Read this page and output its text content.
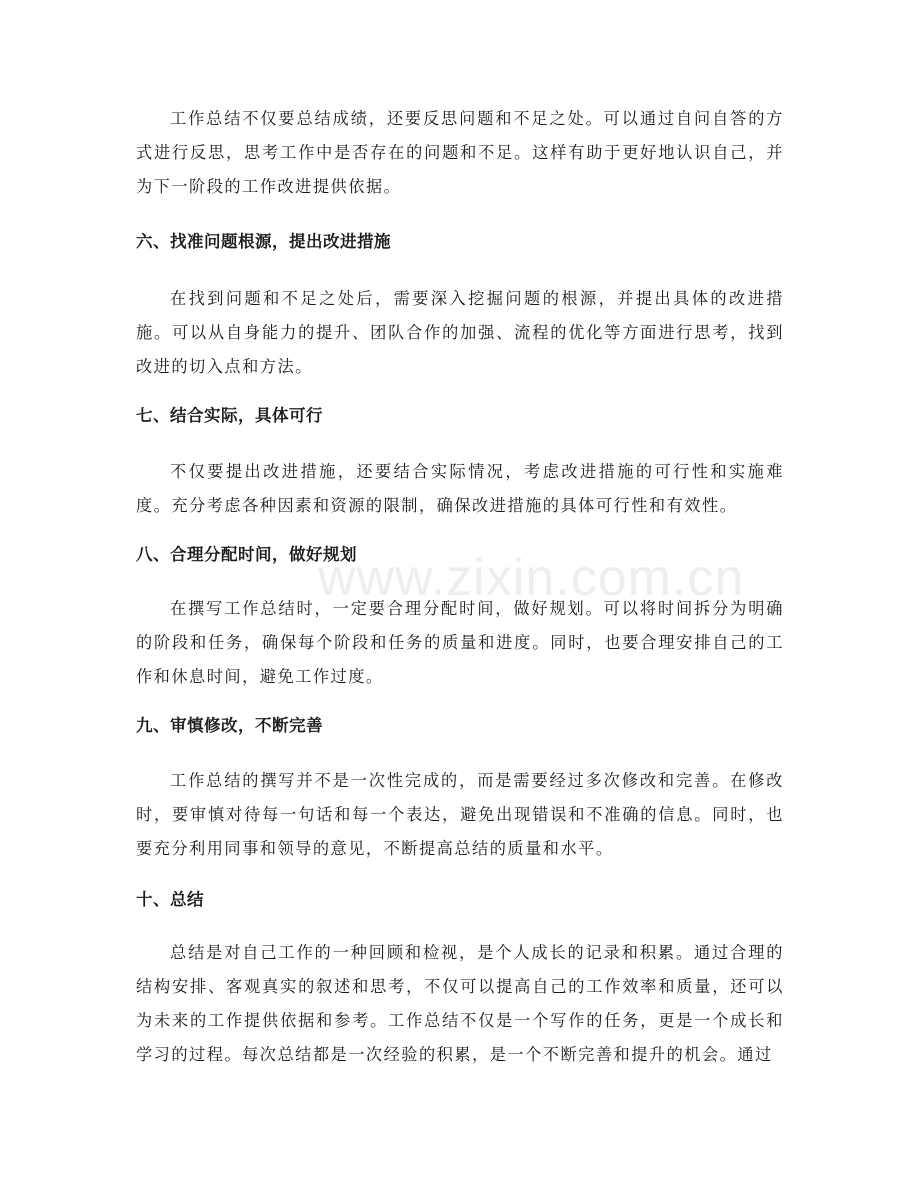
工作总结不仅要总结成绩，还要反思问题和不足之处。可以通过自问自答的方式进行反思，思考工作中是否存在的问题和不足。这样有助于更好地认识自己，并为下一阶段的工作改进提供依据。

六、找准问题根源，提出改进措施

在找到问题和不足之处后，需要深入挖掘问题的根源，并提出具体的改进措施。可以从自身能力的提升、团队合作的加强、流程的优化等方面进行思考，找到改进的切入点和方法。

七、结合实际，具体可行

不仅要提出改进措施，还要结合实际情况，考虑改进措施的可行性和实施难度。充分考虑各种因素和资源的限制，确保改进措施的具体可行性和有效性。

八、合理分配时间，做好规划

在撰写工作总结时，一定要合理分配时间，做好规划。可以将时间拆分为明确的阶段和任务，确保每个阶段和任务的质量和进度。同时，也要合理安排自己的工作和休息时间，避免工作过度。

九、审慎修改，不断完善

工作总结的撰写并不是一次性完成的，而是需要经过多次修改和完善。在修改时，要审慎对待每一句话和每一个表达，避免出现错误和不准确的信息。同时，也要充分利用同事和领导的意见，不断提高总结的质量和水平。

十、总结

总结是对自己工作的一种回顾和检视，是个人成长的记录和积累。通过合理的结构安排、客观真实的叙述和思考，不仅可以提高自己的工作效率和质量，还可以为未来的工作提供依据和参考。工作总结不仅是一个写作的任务，更是一个成长和学习的过程。每次总结都是一次经验的积累，是一个不断完善和提升的机会。通过

www.zixin.com.cn
